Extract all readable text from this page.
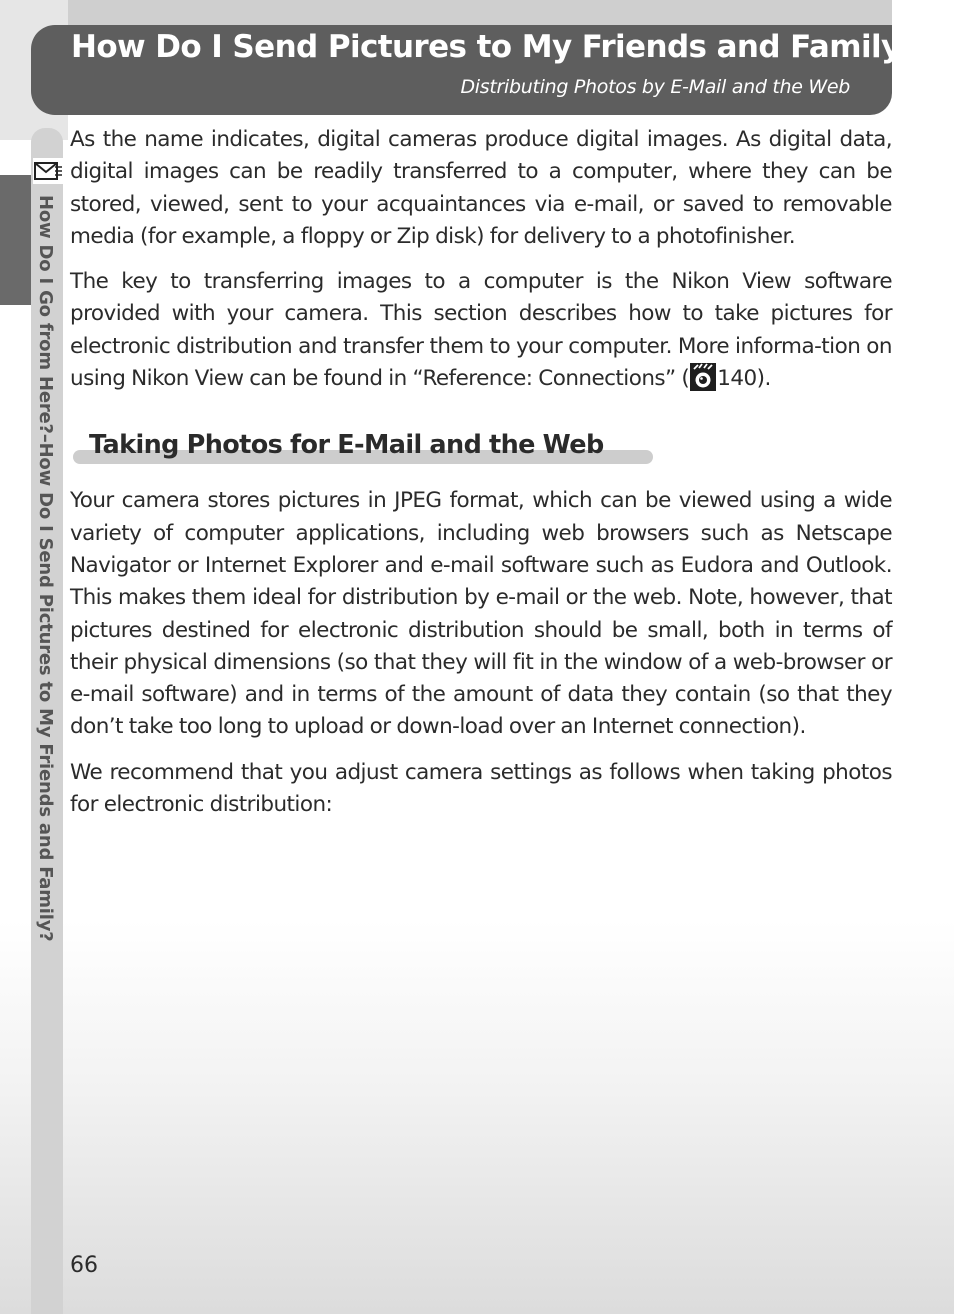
How Do I Send Pictures to My Friends and Family?
Distributing Photos by E-Mail and the Web
How Do I Go from Here?–How Do I Send Pictures to My Friends and Family?

As the name indicates, digital cameras produce digital images. As digital data, digital images can be readily transferred to a computer, where they can be stored, viewed, sent to your acquaintances via e-mail, or saved to removable media (for example, a floppy or Zip disk) for delivery to a photofinisher.

The key to transferring images to a computer is the Nikon View software provided with your camera. This section describes how to take pictures for electronic distribution and transfer them to your computer. More informa-tion on using Nikon View can be found in “Reference: Connections” ( 140).

Taking Photos for E-Mail and the Web

Your camera stores pictures in JPEG format, which can be viewed using a wide variety of computer applications, including web browsers such as Netscape Navigator or Internet Explorer and e-mail software such as Eudora and Outlook. This makes them ideal for distribution by e-mail or the web. Note, however, that pictures destined for electronic distribution should be small, both in terms of their physical dimensions (so that they will fit in the window of a web-browser or e-mail software) and in terms of the amount of data they contain (so that they don’t take too long to upload or down-load over an Internet connection).

We recommend that you adjust camera settings as follows when taking photos for electronic distribution:

66
